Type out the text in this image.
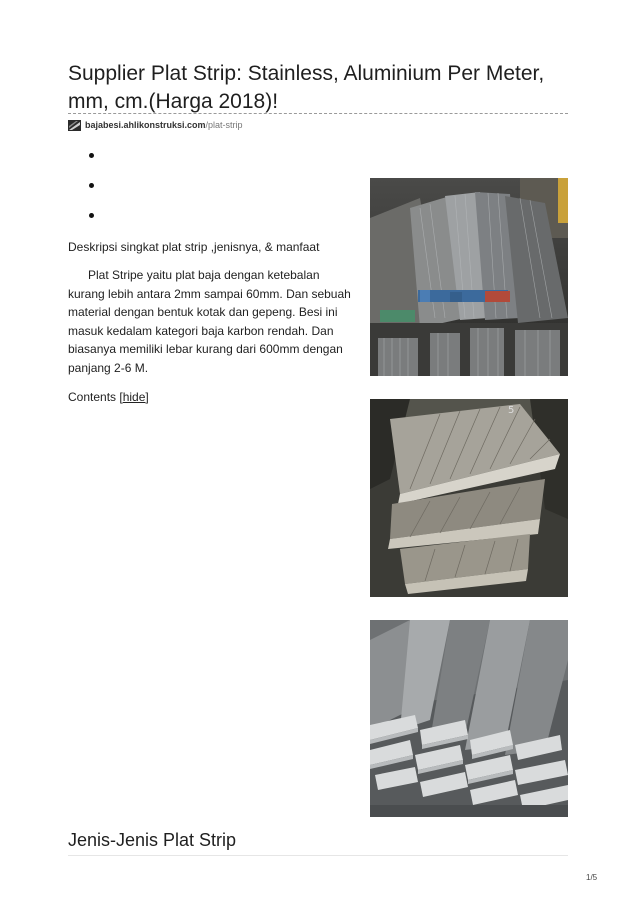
Supplier Plat Strip: Stainless, Aluminium Per Meter, mm, cm.(Harga 2018)!
bajabesi.ahlikonstruksi.com/plat-strip
Deskripsi singkat plat strip ,jenisnya, & manfaat

Plat Stripe yaitu plat baja dengan ketebalan kurang lebih antara 2mm sampai 60mm. Dan sebuah material dengan bentuk kotak dan gepeng. Besi ini masuk kedalam kategori baja karbon rendah. Dan biasanya memiliki lebar kurang dari 600mm dengan panjang 2-6 M.

Contents [hide]
5
Jenis-Jenis Plat Strip
1/5
